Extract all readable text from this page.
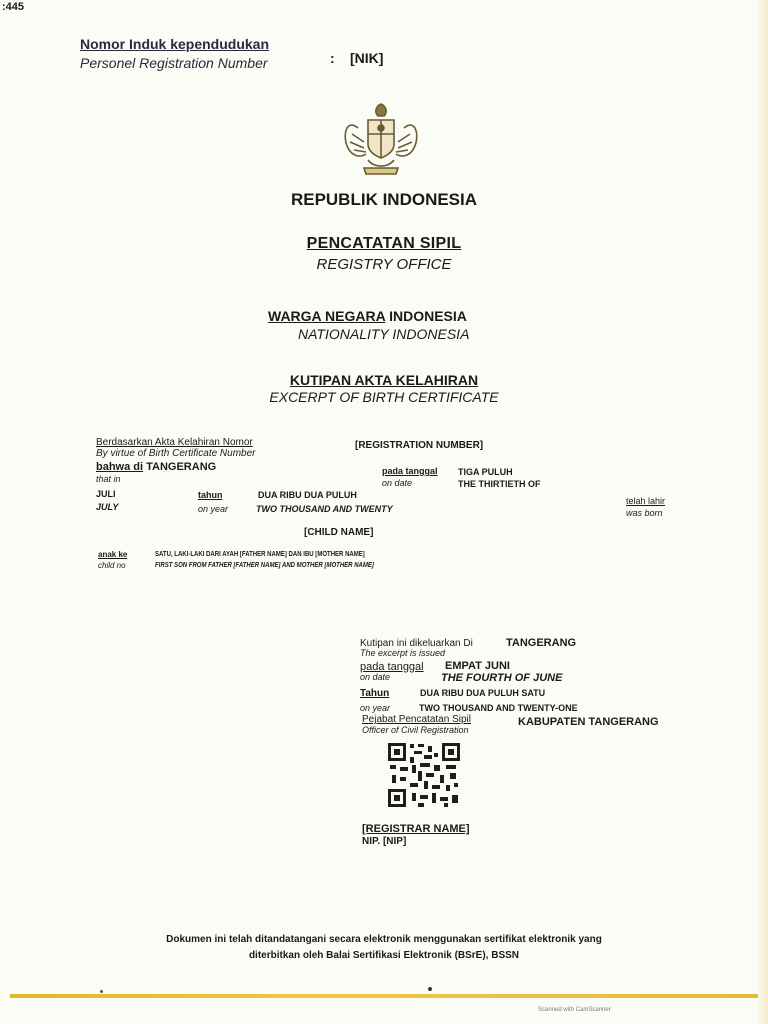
:445
Nomor Induk kependudukan
Personel Registration Number	: [NIK]
REPUBLIK INDONESIA
PENCATATAN SIPIL
REGISTRY OFFICE
WARGA NEGARA INDONESIA
NATIONALITY INDONESIA
KUTIPAN AKTA KELAHIRAN
EXCERPT OF BIRTH CERTIFICATE
Berdasarkan Akta Kelahiran Nomor
By virtue of Birth Certificate Number
[REGISTRATION NUMBER]
bahwa di TANGERANG
that in
pada tanggal TIGA PULUH
on date	THE THIRTIETH OF
JULI
JULY
tahun
on year
DUA RIBU DUA PULUH
TWO THOUSAND AND TWENTY
telah lahir
was born
[CHILD NAME]
anak ke
child no
SATU, LAKI-LAKI DARI AYAH [FATHER NAME] DAN IBU [MOTHER NAME]
FIRST SON FROM FATHER [FATHER NAME] AND MOTHER [MOTHER NAME]
Kutipan ini dikeluarkan Di	TANGERANG
The excerpt is issued
pada tanggal EMPAT JUNI
on date	THE FOURTH OF JUNE
Tahun	DUA RIBU DUA PULUH SATU
on year	TWO THOUSAND AND TWENTY-ONE
Pejabat Pencatatan Sipil
Officer of Civil Registration
KABUPATEN TANGERANG
[REGISTRAR NAME]
NIP. [NIP]
Dokumen ini telah ditandatangani secara elektronik menggunakan sertifikat elektronik yang
diterbitkan oleh Balai Sertifikasi Elektronik (BSrE), BSSN
Scanned with CamScanner
